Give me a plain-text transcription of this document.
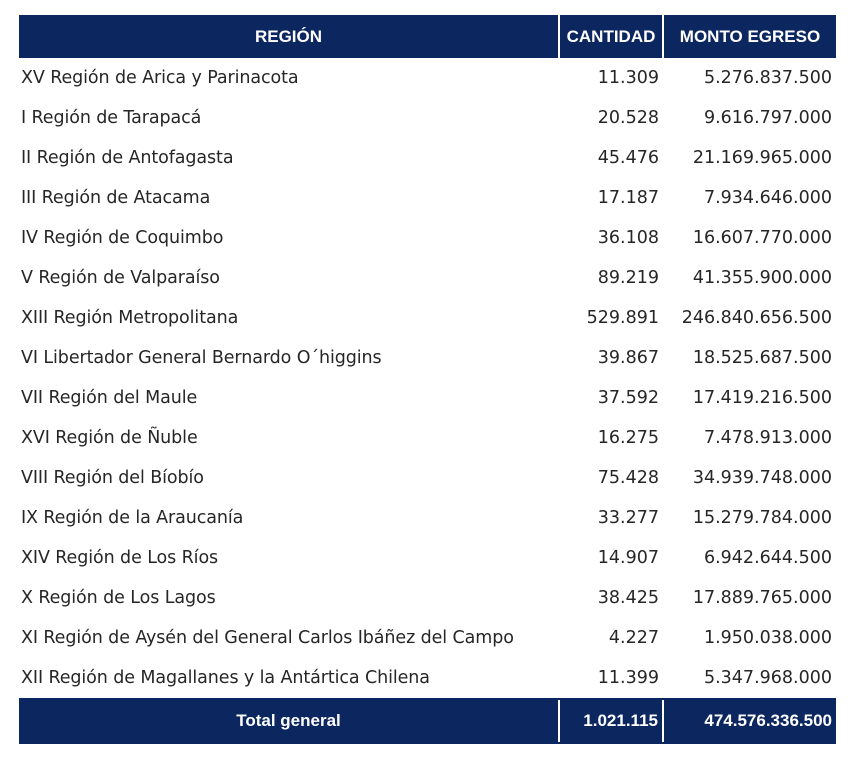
REGIÓN	CANTIDAD	MONTO EGRESO
XV Región de Arica y Parinacota	11.309	5.276.837.500
I Región de Tarapacá	20.528	9.616.797.000
II Región de Antofagasta	45.476	21.169.965.000
III Región de Atacama	17.187	7.934.646.000
IV Región de Coquimbo	36.108	16.607.770.000
V Región de Valparaíso	89.219	41.355.900.000
XIII Región Metropolitana	529.891	246.840.656.500
VI Libertador General Bernardo O´higgins	39.867	18.525.687.500
VII Región del Maule	37.592	17.419.216.500
XVI Región de Ñuble	16.275	7.478.913.000
VIII Región del Bíobío	75.428	34.939.748.000
IX Región de la Araucanía	33.277	15.279.784.000
XIV Región de Los Ríos	14.907	6.942.644.500
X Región de Los Lagos	38.425	17.889.765.000
XI Región de Aysén del General Carlos Ibáñez del Campo	4.227	1.950.038.000
XII Región de Magallanes y la Antártica Chilena	11.399	5.347.968.000
Total general	1.021.115	474.576.336.500
